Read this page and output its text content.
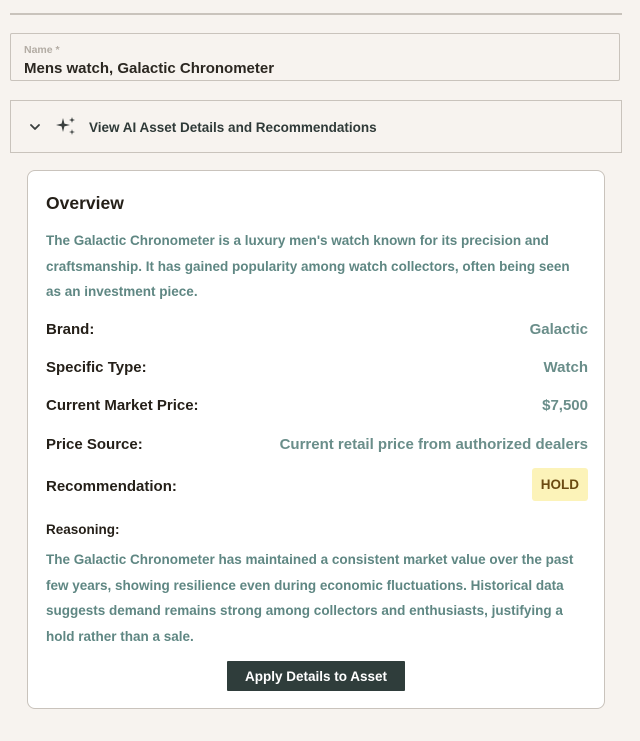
Name *
Mens watch, Galactic Chronometer
View AI Asset Details and Recommendations
Overview
The Galactic Chronometer is a luxury men's watch known for its precision and craftsmanship. It has gained popularity among watch collectors, often being seen as an investment piece.
Brand:	Galactic
Specific Type:	Watch
Current Market Price:	$7,500
Price Source:	Current retail price from authorized dealers
Recommendation:	HOLD
Reasoning:
The Galactic Chronometer has maintained a consistent market value over the past few years, showing resilience even during economic fluctuations. Historical data suggests demand remains strong among collectors and enthusiasts, justifying a hold rather than a sale.
Apply Details to Asset
